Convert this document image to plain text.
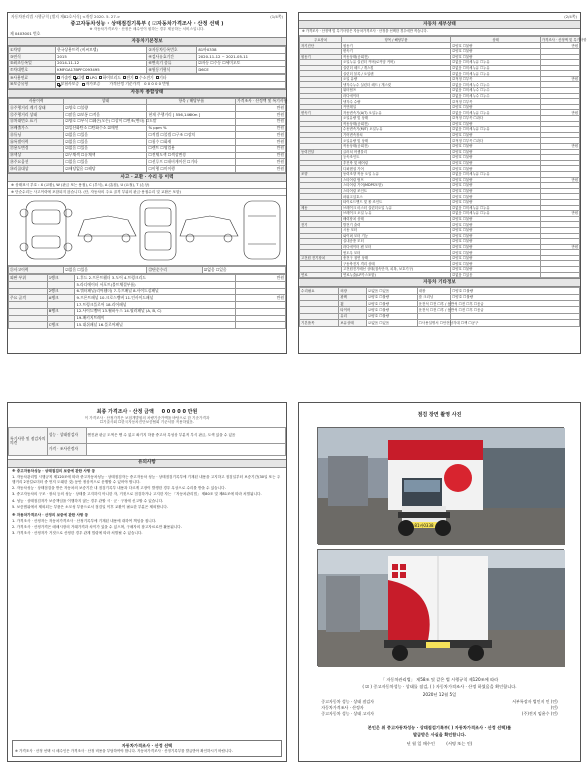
자동차관리법 시행규칙 [별지 제82호서식] <개정 2020. 5. 27.>	(1/4쪽)
중고자동차성능 · 상태점검기록부 ( ☑자동차가격조사 · 산정 선택 )
※ 자동차가격조사 · 산정은 매수인이 원하는 경우 제공하는 서비스입니다.
제 0403001 번호
자동차기본정보
①차명	한국상용트럭 (비씨모델)	②자동차등록번호	81바0338
③연식	2015	④검사유효기간	2020-11-12 ~ 2021-05-11
⑤최초등록일	2014-11-12	⑥변속기 종류	☑자동 ☐수동 ☐세미오토
⑦차대번호	KMFGA17BPFC093495	⑧원동기형식	D6CE
⑨사용연료	가솔린 디젤 LPG 하이브리드 전기 수소전기 기타
⑩보증유형	보험사보증 자가보증 가격산정 기준가격 0 0 0 0 0 만원
자동차 종합상태
사용이력	상태	항목 / 해당부품	가격조사 · 산정액 및 특기사항
⑪주행거리 계기 상태	☑양호 ☐불량		만원
⑫주행거리 상태	☐많음 ☑보통 ☐적음	현재 주행거리 [ 556,146Km ]	만원
⑬차대번호 표기	☑양호 ☐부식 ☐훼손(오손) ☐상이 ☐변조(변타) ☐도말		만원
⑭배출가스	☑일산화탄소 ☐탄화수소 ☑매연	% ppm %	만원
⑮튜닝	☑없음 ☐있음	☐적법 ☐불법 ☐구조 ☐장치	만원
⑯특별이력	☑없음 ☐있음	☐침수 ☐화재	만원
⑰용도변경	☑없음 ☐있음	☐렌트 ☐영업용	만원
⑱색상	☑무채색 ☐유채색	☐전체도색 ☐색상변경	만원
⑲주요옵션	☐없음 ☐있음	☐선루프 ☐내비게이션 ☐기타	만원
⑳리콜대상	☑해당없음 ☐해당	☐이행 ☐미이행	만원
사고 · 교환 · 수리 등 이력
※ 상태표시 부호 : X (교환), W (판금 또는 용접), C (부식), A (흠집), U (요철), T (손상)
※ 단순수리는 사고이력에 포함되지 않습니다. (단, 자동차의 주요 골격 부위의 판금·용접수리 및 교환은 포함)
㉑사고이력	☑없음 ☐있음	㉒단순수리	☑없음 ☐있음
외판 부위	1랭크	1.후드 2.프론트휀더 3.도어 4.트렁크리드	만원
		5.라디에이터 서포트(볼트체결부품)	
	2랭크	6.쿼터패널(리어휀더) 7.루프패널 8.사이드실패널	
주요 골격	A랭크	9.프론트패널 10.크로스멤버 11.인사이드패널	만원
		17.트렁크플로어 18.리어패널	
	B랭크	12.사이드멤버 13.휠하우스 14.필러패널 (A, B, C)	
		19.패키지트레이	
	C랭크	15.대쉬패널 16.플로어패널	
(2/4쪽)
자동차 세부상태
※ 가격조사 · 산정액 및 특기사항은 자동차가격조사 · 산정을 선택한 경우에만 적습니다.
주요장치	항목 / 해당부품	상태	가격조사 · 산정액 및 특기사항
자기진단	원동기	☑양호 ☐불량	만원
	변속기	☑양호 ☐불량	
원동기	작동상태(공회전)	☑양호 ☐불량	
	오일누유 실린더 커버(로커암 커버)	☑없음 ☐미세누유 ☐누유	
	실린더 헤드 / 개스킷	☑없음 ☐미세누유 ☐누유	
	실린더 블록 / 오일팬	☑없음 ☐미세누유 ☐누유	
	오일 유량	☑적정 ☐부족	만원
	냉각수누수 실린더 헤드 / 개스킷	☑없음 ☐미세누수 ☐누수	
	워터펌프	☑없음 ☐미세누수 ☐누수	
	라디에이터	☑없음 ☐미세누수 ☐누수	
	냉각수 수량	☑적정 ☐부족	
	커먼레일	☑양호 ☐불량	
변속기	자동변속기(A/T) 오일누유	☑없음 ☐미세누유 ☐누유	만원
	오일유량 및 상태	☑적정 ☐부족 ☐과다	
	작동상태(공회전)	☑양호 ☐불량	
	수동변속기(M/T) 오일누유	☑없음 ☐미세누유 ☐누유	
	기어변속장치	☑양호 ☐불량	
	오일유량 및 상태	☑적정 ☐부족 ☐과다	
	작동상태(공회전)	☑양호 ☐불량	만원
동력전달	클러치 어셈블리	☑양호 ☐불량	
	등속조인트	☑양호 ☐불량	
	추진축 및 베어링	☑양호 ☐불량	
	디퍼렌셜 기어	☑양호 ☐불량	
조향	동력조향 작동 오일 누유	☑없음 ☐미세누유 ☐누유	
	스티어링 펌프	☑양호 ☐불량	만원
	스티어링 기어(MDPS포함)	☑양호 ☐불량	
	스티어링 조인트	☑양호 ☐불량	
	파워고압호스	☑양호 ☐불량	
	타이로드엔드 및 볼 조인트	☑양호 ☐불량	
제동	브레이크 마스터 실린더오일 누유	☑없음 ☐미세누유 ☐누유	
	브레이크 오일 누유	☑없음 ☐미세누유 ☐누유	만원
	배력장치 상태	☑양호 ☐불량	
전기	발전기 출력	☑양호 ☐불량	
	시동 모터	☑양호 ☐불량	
	와이퍼 모터 기능	☑양호 ☐불량	
	실내송풍 모터	☑양호 ☐불량	
	라디에이터 팬 모터	☑양호 ☐불량	만원
	윈도우 모터	☑양호 ☐불량	
고전원 전기장치	충전구 절연 상태	☑양호 ☐불량	
	구동축전지 격리 상태	☑양호 ☐불량	
	고전원전기배선 상태(접속단자, 피복, 보호기구)	☑양호 ☐불량	
연료	연료누출(LP가스포함)	☑없음 ☐있음	
자동차 기타정보
수리필요	외장	☑없음 ☐있음	내장	☐양호 ☐불량
	광택	☑양호 ☐불량	룸 크리닝	☐양호 ☐불량
	휠	☑양호 ☐불량	운전석 ☐전 ☐후 / 동반석 ☐전 ☐후 ☐응급	
	타이어	☑양호 ☐불량	운전석 ☐전 ☐후 / 동반석 ☐전 ☐후 ☐응급	
	유리	☑양호 ☐불량		
기본품목	보유상태	☑없음 ☐있음	☐사용설명서 ☐안전삼각대 ☐잭 ☐공구	
최종 가격조사 · 산정 금액 0 0 0 0 0 만원
이 가격조사 · 산정가격은 보험개발원의 차량기준가액을 바탕으로 한 기준가격과
☐기술사회 ☐한국자동차진단보증협회 기준서를 적용하였음.
특기사항 및 점검자의 의견	성능 · 상태점검자	엔진판 판금 도색은 엔 수 없고 좌기지 하품 중고차 특성상 부분적 부식 판금, 도색 있을 수 있음
	가격 · 조사산정자	
유의사항

※ 중고자동차성능 · 상태점검의 보증에 관한 사항 등

1. 자동차관리법 시행규칙 제120조에 따라 중고자동차성능 · 상태점검자는 중고자동차 성능 · 상태점검기록부에 기재된 내용을 고지하고 점검일부터 보증기간(30일 또는 주행거리 2천킬로미터 중 먼저 도래한 것) 동안 정상적으로 운행할 수 있어야 합니다.

2. 자동차성능 · 상태점검을 받은 자동차의 보증기간 내 점검기록부 내용과 다르게 고장이 발생한 경우 무상으로 수리를 받을 수 있습니다.

3. 중고자동차의 구조 · 장치 등의 성능 · 상태를 고지하지 아니한 자, 거짓으로 점검하거나 고지한 자는 「자동차관리법」 제80조 및 제81조에 따라 처벌됩니다.

4. 성능 · 상태점검자가 보증책임을 이행하지 않는 경우 관할 시 · 군 · 구청에 신고할 수 있습니다.

5. 보증범위에서 제외되는 부품은 소모성 부품으로서 점검일 이후 교환이 필요한 부분은 제외합니다.

※ 자동차가격조사 · 산정의 보증에 관한 사항 등

1. 가격조사 · 산정자는 자동차가격조사 · 산정기록부에 기재된 내용에 대하여 책임을 집니다.

2. 가격조사 · 산정가격은 매매시장의 거래가격과 차이가 있을 수 있으며, 구매자의 참고자료로만 활용됩니다.

3. 가격조사 · 산정자가 거짓으로 산정한 경우 관계 법령에 따라 처벌될 수 있습니다.

자동차가격조사 · 산정 선택
※ 가격조사 · 산정 선택 시 매수인은 가격조사 · 산정 비용을 부담하여야 합니다. 자동차가격조사 · 산정기록부를 발급받아 확인하시기 바랍니다.
점검 장면 촬영 사진
81바0338
「 자동차관리법」 제58조 및 같은 법 시행규칙 제120조에 따라
( ☑ ) 중고자동차성능 · 상태를 점검, ( ) 자동차가격조사 · 산정 하였음을 확인합니다.
2020년 12월 5일
중고자동차 성능 · 상태 점검자	서부특장자 법인지 인 (인)
자동차가격조사 · 산정자	(인)
중고자동차 성능 · 상태 고지자	(주)전지 임윤수 (인)
본인은 위 중고자동차성능 · 상태점검기록부( ) 자동차가격조사 · 산정 선택)를
발급받은 사실을 확인합니다.
년 월 일 매수인	(서명 또는 인)
